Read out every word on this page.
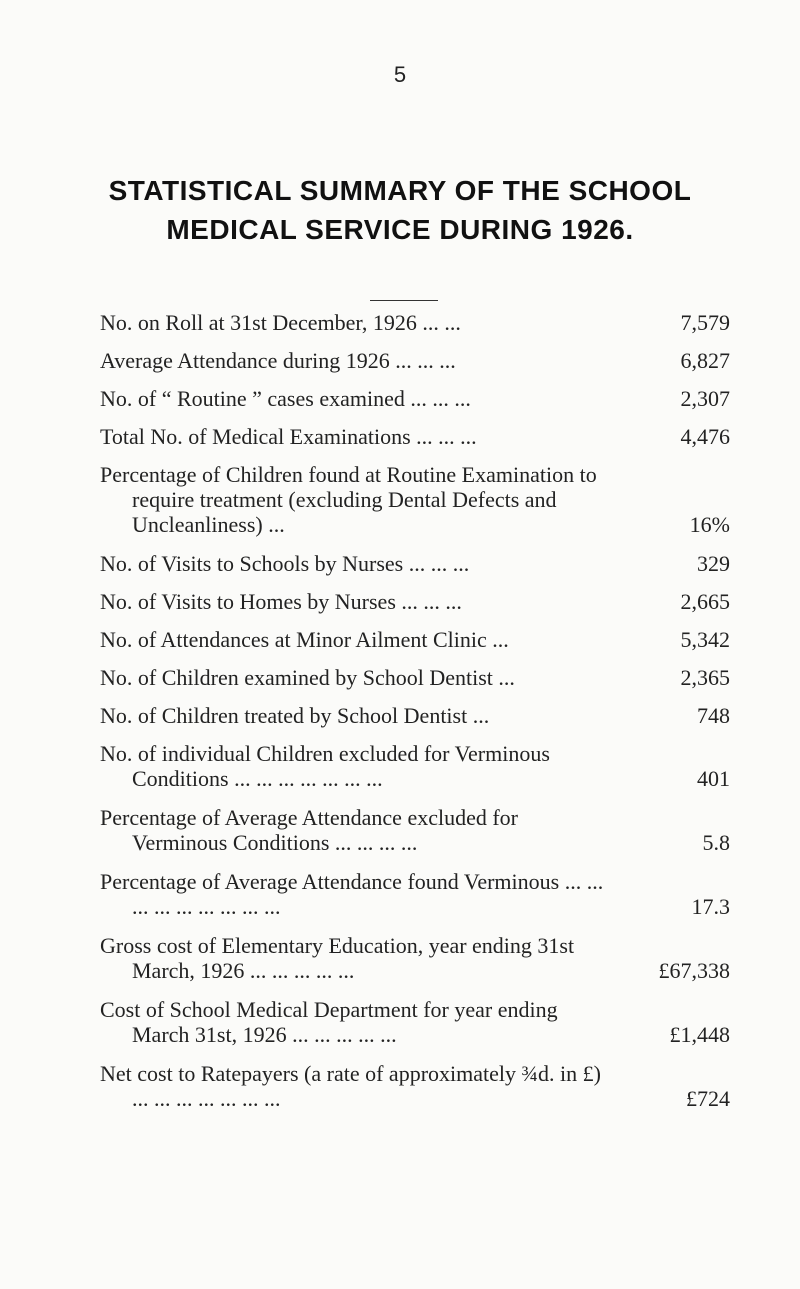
5
STATISTICAL SUMMARY OF THE SCHOOL
MEDICAL SERVICE DURING 1926.
No. on Roll at 31st December, 1926 ... ...	7,579
Average Attendance during 1926 ... ... ...	6,827
No. of “ Routine ” cases examined ... ... ...	2,307
Total No. of Medical Examinations ... ... ...	4,476
Percentage of Children found at Routine Examination to require treatment (excluding Dental Defects and Uncleanliness) ...	16%
No. of Visits to Schools by Nurses ... ... ...	329
No. of Visits to Homes by Nurses ... ... ...	2,665
No. of Attendances at Minor Ailment Clinic ...	5,342
No. of Children examined by School Dentist ...	2,365
No. of Children treated by School Dentist ...	748
No. of individual Children excluded for Verminous Conditions ... ... ... ... ... ... ...	401
Percentage of Average Attendance excluded for Verminous Conditions ... ... ... ...	5.8
Percentage of Average Attendance found Verminous ... ... ... ... ... ... ... ... ...	17.3
Gross cost of Elementary Education, year ending 31st March, 1926 ... ... ... ... ...	£67,338
Cost of School Medical Department for year ending March 31st, 1926 ... ... ... ... ...	£1,448
Net cost to Ratepayers (a rate of approximately ¾d. in £) ... ... ... ... ... ... ...	£724
